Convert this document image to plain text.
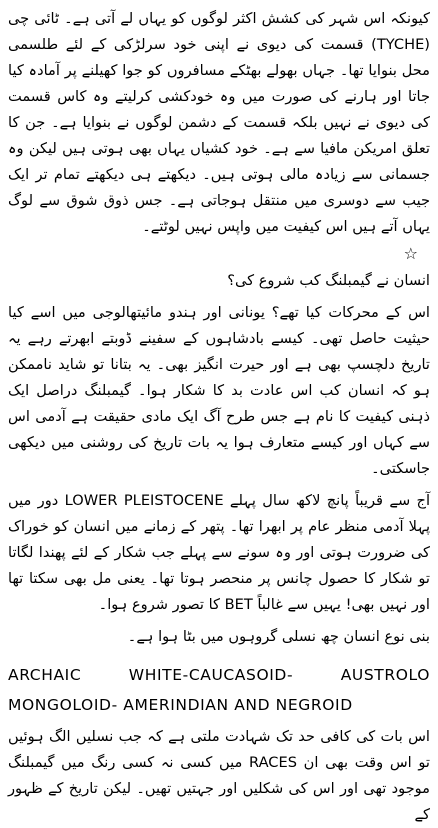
کیونکہ اس شہر کی کشش اکثر لوگوں کو یہاں لے آتی ہے۔ ٹائی چی (TYCHE) قسمت کی دیوی نے اپنی خود سرلڑکی کے لئے طلسمی محل بنوایا تھا۔ جہاں بھولے بھٹکے مسافروں کو جوا کھیلنے پر آمادہ کیا جاتا اور ہارنے کی صورت میں وہ خودکشی کرلیتے وہ کاس قسمت کی دیوی نے نہیں بلکہ قسمت کے دشمن لوگوں نے بنوایا ہے۔ جن کا تعلق امریکن مافیا سے ہے۔ خود کشیاں یہاں بھی ہوتی ہیں لیکن وہ جسمانی سے زیادہ مالی ہوتی ہیں۔ دیکھتے ہی دیکھتے تمام تر ایک جیب سے دوسری میں منتقل ہوجاتی ہے۔ جس ذوق شوق سے لوگ یہاں آتے ہیں اس کیفیت میں واپس نہیں لوٹتے۔

☆

انسان نے گیمبلنگ کب شروع کی؟

اس کے محرکات کیا تھے؟ یونانی اور ہندو مائیتھالوجی میں اسے کیا حیثیت حاصل تھی۔ کیسے بادشاہوں کے سفینے ڈوبتے ابھرتے رہے یہ تاریخ دلچسپ بھی ہے اور حیرت انگیز بھی۔ یہ بتانا تو شاید ناممکن ہو کہ انسان کب اس عادت بد کا شکار ہوا۔ گیمبلنگ دراصل ایک ذہنی کیفیت کا نام ہے جس طرح آگ ایک مادی حقیقت ہے آدمی اس سے کہاں اور کیسے متعارف ہوا یہ بات تاریخ کی روشنی میں دیکھی جاسکتی۔

آج سے قریباً پانچ لاکھ سال پہلے LOWER PLEISTOCENE دور میں پہلا آدمی منظر عام پر ابھرا تھا۔ پتھر کے زمانے میں انسان کو خوراک کی ضرورت ہوتی اور وہ سونے سے پہلے جب شکار کے لئے پھندا لگاتا تو شکار کا حصول چانس پر منحصر ہوتا تھا۔ یعنی مل بھی سکتا تھا اور نہیں بھی! یہیں سے غالباً BET کا تصور شروع ہوا۔

بنی نوع انسان چھ نسلی گروہوں میں بٹا ہوا ہے۔

ARCHAIC WHITE-CAUCASOID- AUSTROLO MONGOLOID- AMERINDIAN AND NEGROID

اس بات کی کافی حد تک شہادت ملتی ہے کہ جب نسلیں الگ ہوئیں تو اس وقت بھی ان RACES میں کسی نہ کسی رنگ میں گیمبلنگ موجود تھی اور اس کی شکلیں اور جہتیں تھیں۔ لیکن تاریخ کے ظہور کے
